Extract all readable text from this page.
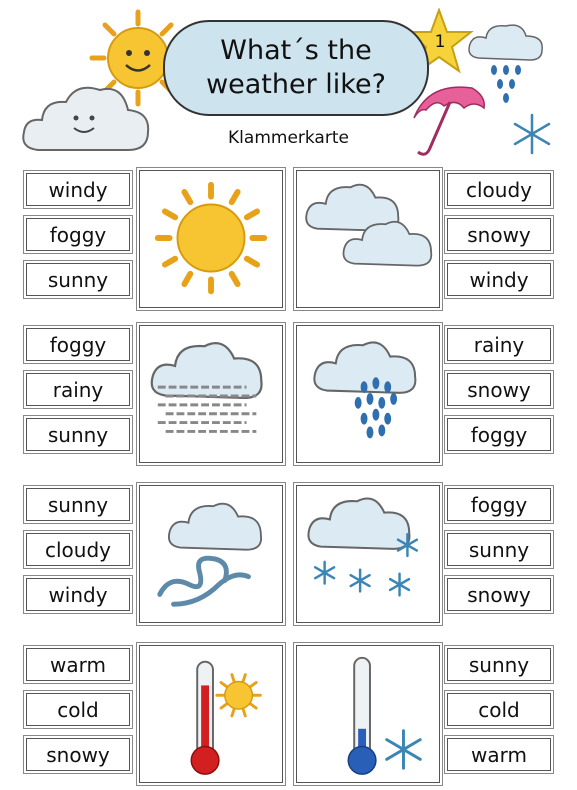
1
What´s the
weather like?
Klammerkarte
windy
foggy
sunny
cloudy
snowy
windy
foggy
rainy
sunny
rainy
snowy
foggy
sunny
cloudy
windy
foggy
sunny
snowy
warm
cold
snowy
sunny
cold
warm
